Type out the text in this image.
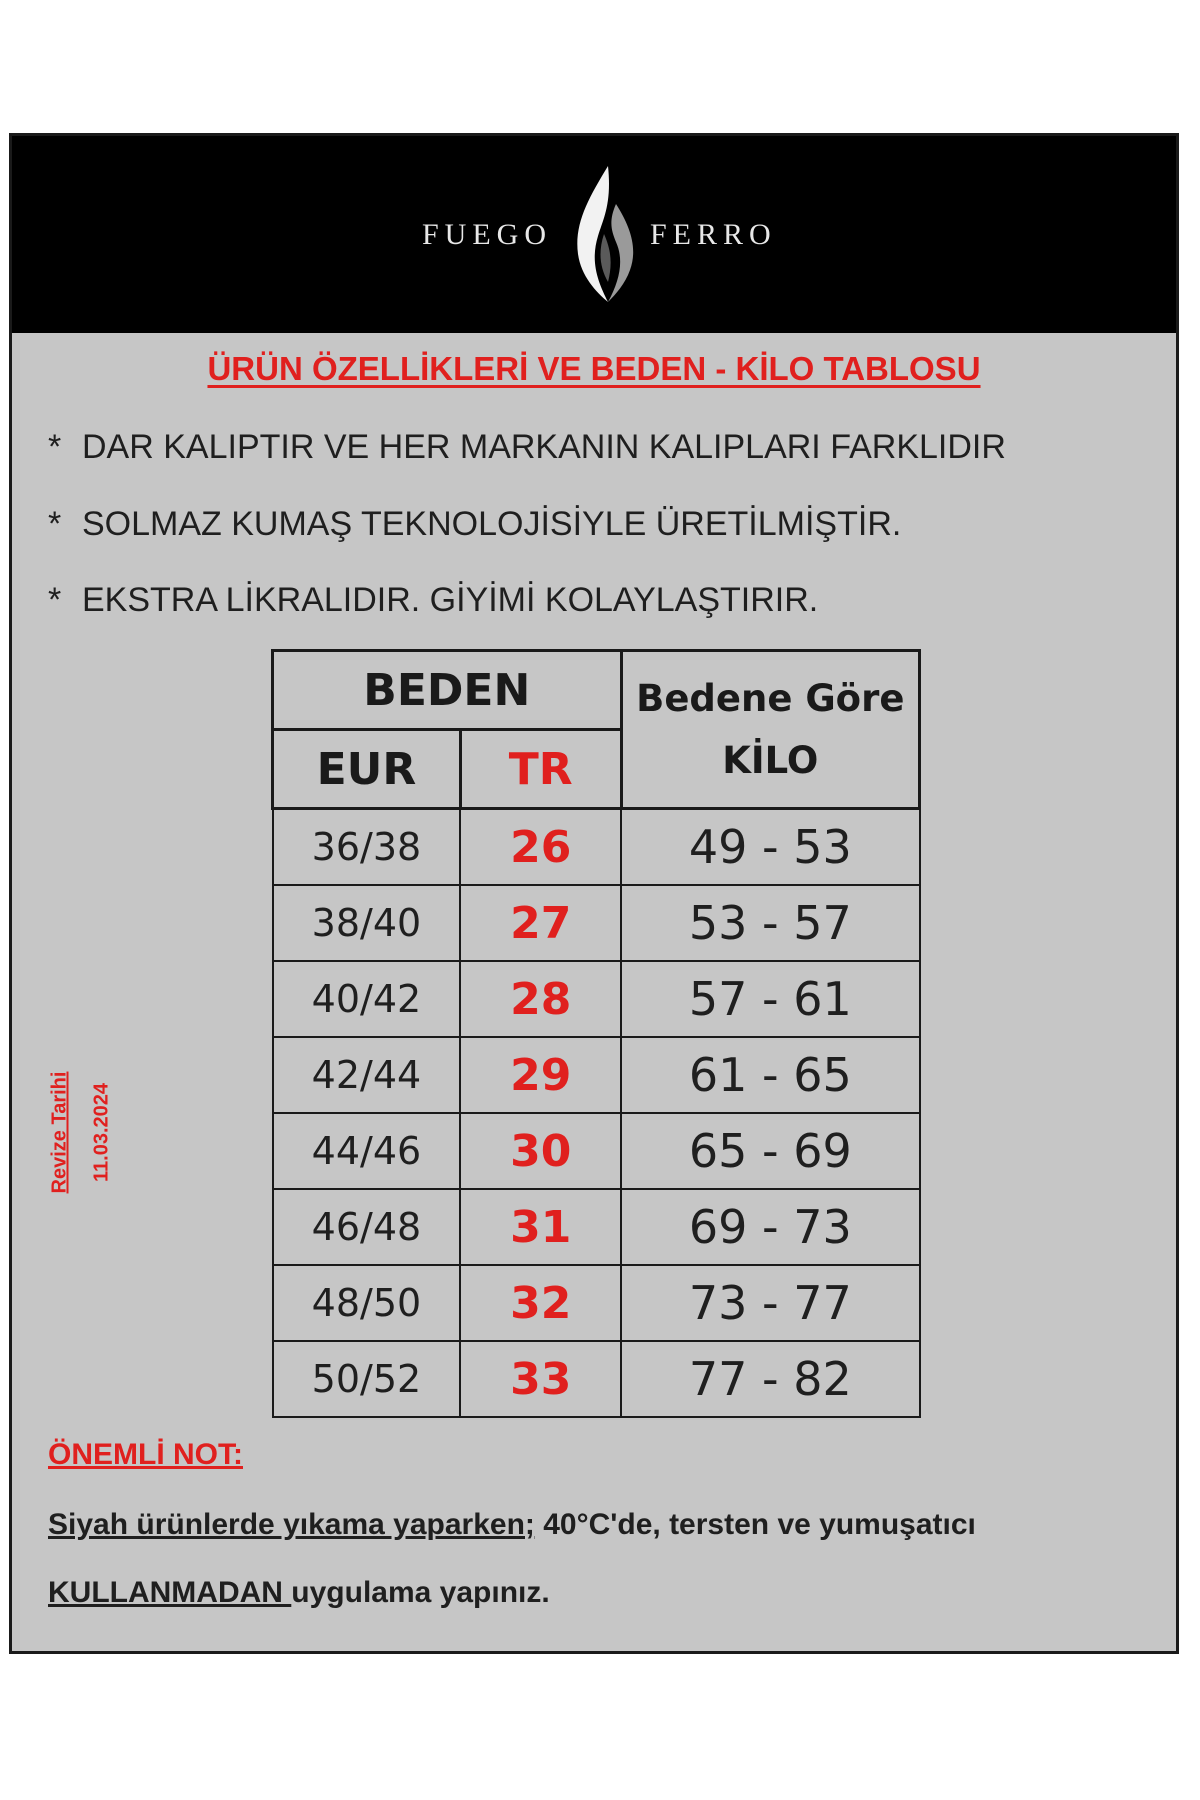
FUEGO	FERRO
ÜRÜN ÖZELLİKLERİ VE BEDEN - KİLO TABLOSU
* DAR KALIPTIR VE HER MARKANIN KALIPLARI FARKLIDIR
* SOLMAZ KUMAŞ TEKNOLOJİSİYLE ÜRETİLMİŞTİR.
* EKSTRA LİKRALIDIR. GİYİMİ KOLAYLAŞTIRIR.
Revize Tarihi 11.03.2024
BEDEN		Bedene Göre
KİLO

EUR	TR	
36/38	26	49 - 53
38/40	27	53 - 57
40/42	28	57 - 61
42/44	29	61 - 65
44/46	30	65 - 69
46/48	31	69 - 73
48/50	32	73 - 77
50/52	33	77 - 82
ÖNEMLİ NOT:
Siyah ürünlerde yıkama yaparken; 40°C'de, tersten ve yumuşatıcı
KULLANMADAN uygulama yapınız.
